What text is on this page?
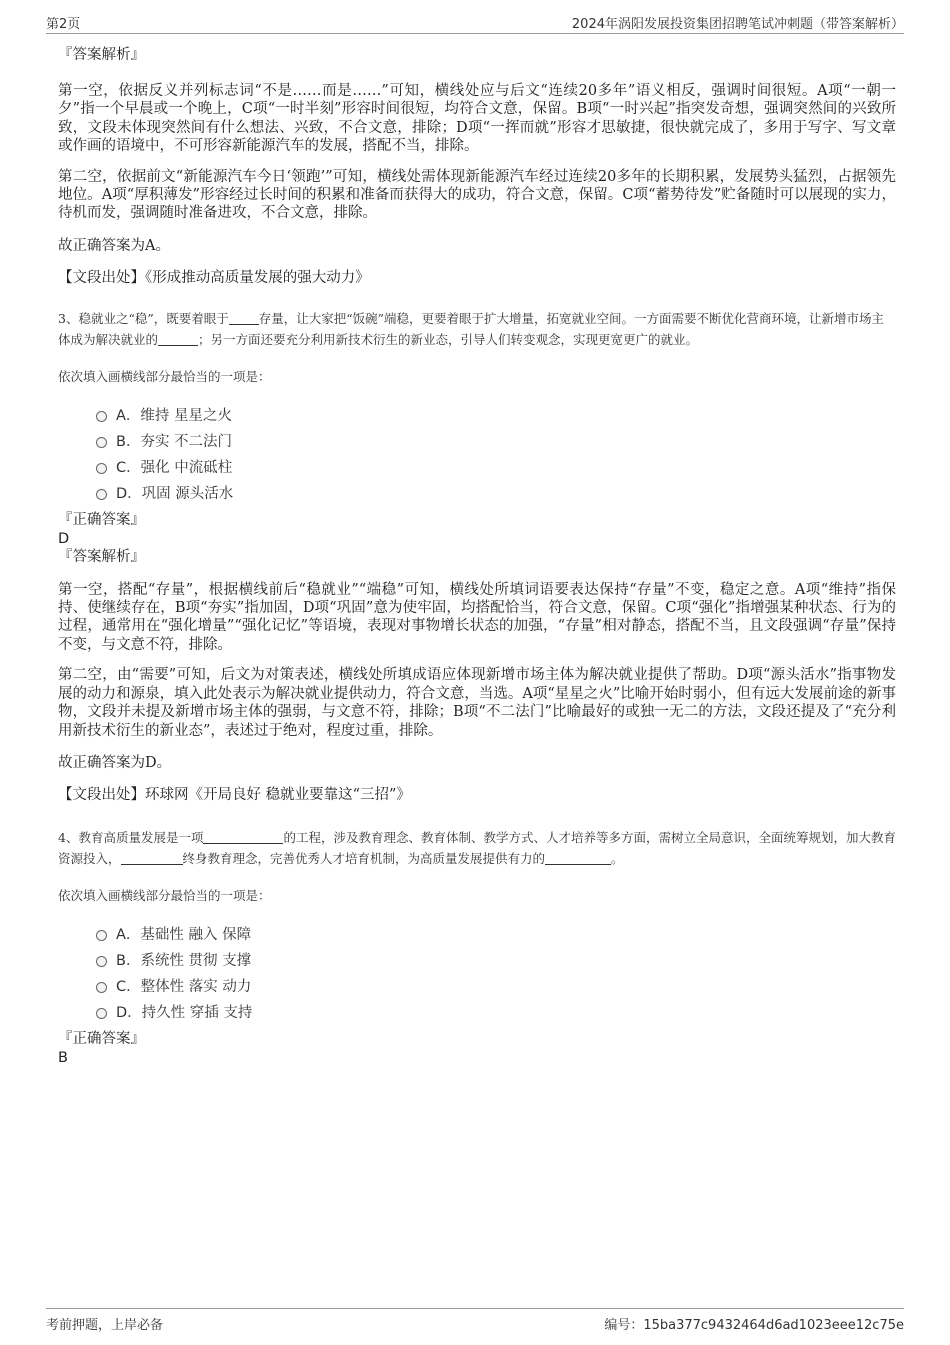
第2页	2024年涡阳发展投资集团招聘笔试冲刺题（带答案解析）

『答案解析』

第一空，依据反义并列标志词“不是……而是……”可知，横线处应与后文“连续20多年”语义相反，强调时间很短。A项“一朝一夕”指一个早晨或一个晚上，C项“一时半刻”形容时间很短，均符合文意，保留。B项“一时兴起”指突发奇想，强调突然间的兴致所致，文段未体现突然间有什么想法、兴致，不合文意，排除；D项“一挥而就”形容才思敏捷，很快就完成了，多用于写字、写文章或作画的语境中，不可形容新能源汽车的发展，搭配不当，排除。

第二空，依据前文“新能源汽车今日‘领跑’”可知，横线处需体现新能源汽车经过连续20多年的长期积累，发展势头猛烈，占据领先地位。A项“厚积薄发”形容经过长时间的积累和准备而获得大的成功，符合文意，保留。C项“蓄势待发”贮备随时可以展现的实力，待机而发，强调随时准备进攻，不合文意，排除。

故正确答案为A。

【文段出处】《形成推动高质量发展的强大动力》

3、稳就业之“稳”，既要着眼于 存量，让大家把“饭碗”端稳，更要着眼于扩大增量，拓宽就业空间。一方面需要不断优化营商环境，让新增市场主体成为解决就业的	；另一方面还要充分利用新技术衍生的新业态，引导人们转变观念，实现更宽更广的就业。

依次填入画横线部分最恰当的一项是：

A．维持 星星之火
B．夯实 不二法门
C．强化 中流砥柱
D．巩固 源头活水

『正确答案』

D

『答案解析』

第一空，搭配“存量”，根据横线前后“稳就业”“端稳”可知，横线处所填词语要表达保持“存量”不变，稳定之意。A项“维持”指保持、使继续存在，B项“夯实”指加固，D项“巩固”意为使牢固，均搭配恰当，符合文意，保留。C项“强化”指增强某种状态、行为的过程，通常用在“强化增量”“强化记忆”等语境，表现对事物增长状态的加强，“存量”相对静态，搭配不当，且文段强调“存量”保持不变，与文意不符，排除。

第二空，由“需要”可知，后文为对策表述，横线处所填成语应体现新增市场主体为解决就业提供了帮助。D项“源头活水”指事物发展的动力和源泉，填入此处表示为解决就业提供动力，符合文意，当选。A项“星星之火”比喻开始时弱小，但有远大发展前途的新事物，文段并未提及新增市场主体的强弱，与文意不符，排除；B项“不二法门”比喻最好的或独一无二的方法，文段还提及了“充分利用新技术衍生的新业态”，表述过于绝对，程度过重，排除。

故正确答案为D。

【文段出处】环球网《开局良好 稳就业要靠这“三招”》

4、教育高质量发展是一项	的工程，涉及教育理念、教育体制、教学方式、人才培养等多方面，需树立全局意识，全面统筹规划，加大教育资源投入，	终身教育理念，完善优秀人才培育机制，为高质量发展提供有力的	。

依次填入画横线部分最恰当的一项是：

A．基础性 融入 保障
B．系统性 贯彻 支撑
C．整体性 落实 动力
D．持久性 穿插 支持

『正确答案』

B

考前押题，上岸必备	编号：15ba377c9432464d6ad1023eee12c75e
